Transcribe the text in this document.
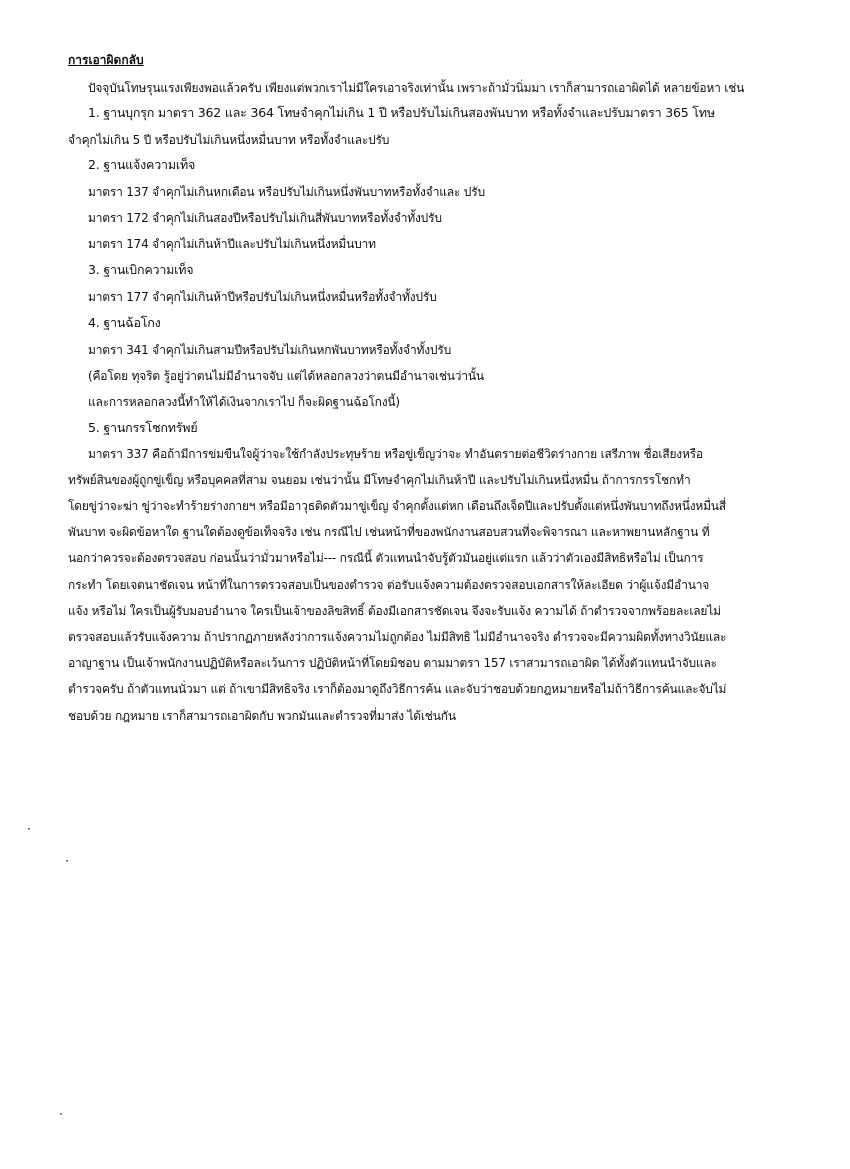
การเอาผิดกลับ
ปัจจุบันโทษรุนแรงเพียงพอแล้วครับ เพียงแต่พวกเราไม่มีใครเอาจริงเท่านั้น เพราะถ้ามั่วนิ่มมา เราก็สามารถเอาผิดได้ หลายข้อหา เช่น
1. ฐานบุกรุก มาตรา 362 และ 364 โทษจำคุกไม่เกิน 1 ปี หรือปรับไม่เกินสองพันบาท หรือทั้งจำและปรับมาตรา 365 โทษ
จำคุกไม่เกิน 5 ปี หรือปรับไม่เกินหนึ่งหมื่นบาท หรือทั้งจำและปรับ
2. ฐานแจ้งความเท็จ
มาตรา 137 จำคุกไม่เกินหกเดือน หรือปรับไม่เกินหนึ่งพันบาทหรือทั้งจำและ ปรับ
มาตรา 172 จำคุกไม่เกินสองปีหรือปรับไม่เกินสี่พันบาทหรือทั้งจำทั้งปรับ
มาตรา 174 จำคุกไม่เกินห้าปีและปรับไม่เกินหนึ่งหมื่นบาท
3. ฐานเบิกความเท็จ
มาตรา 177 จำคุกไม่เกินห้าปีหรือปรับไม่เกินหนึ่งหมื่นหรือทั้งจำทั้งปรับ
4. ฐานฉ้อโกง
มาตรา 341 จำคุกไม่เกินสามปีหรือปรับไม่เกินหกพันบาทหรือทั้งจำทั้งปรับ
(คือโดย ทุจริต รู้อยู่ว่าตนไม่มีอำนาจจับ แต่ได้หลอกลวงว่าตนมีอำนาจเช่นว่านั้น
และการหลอกลวงนี้ทำให้ได้เงินจากเราไป ก็จะผิดฐานฉ้อโกงนี้)
5. ฐานกรรโชกทรัพย์
มาตรา 337 คือถ้ามีการข่มขืนใจผู้ว่าจะใช้กำลังประทุษร้าย หรือขู่เข็ญว่าจะ ทำอันตรายต่อชีวิตร่างกาย เสรีภาพ ชื่อเสียงหรือ
ทรัพย์สินของผู้ถูกขู่เข็ญ หรือบุคคลที่สาม จนยอม เช่นว่านั้น มีโทษจำคุกไม่เกินห้าปี และปรับไม่เกินหนึ่งหมื่น ถ้าการกรรโชกทำ
โดยขู่ว่าจะฆ่า ขู่ว่าจะทำร้ายร่างกายฯ หรือมีอาวุธติดตัวมาขู่เข็ญ จำคุกตั้งแต่หก เดือนถึงเจ็ดปีและปรับตั้งแต่หนึ่งพันบาทถึงหนึ่งหมื่นสี่
พันบาท จะผิดข้อหาใด ฐานใดต้องดูข้อเท็จจริง เช่น กรณีไป เช่นหน้าที่ของพนักงานสอบสวนที่จะพิจารณา และหาพยานหลักฐาน ที่
นอกว่าควรจะต้องตรวจสอบ ก่อนนั้นว่ามั่วมาหรือไม่--- กรณีนี้ ตัวแทนนำจับรู้ตัวมันอยู่แต่แรก แล้วว่าตัวเองมีสิทธิหรือไม่ เป็นการ
กระทำ โดยเจตนาชัดเจน หน้าที่ในการตรวจสอบเป็นของตำรวจ ต่อรับแจ้งความต้องตรวจสอบเอกสารให้ละเอียด ว่าผู้แจ้งมีอำนาจ
แจ้ง หรือไม่ ใครเป็นผู้รับมอบอำนาจ ใครเป็นเจ้าของลิขสิทธิ์ ต้องมีเอกสารชัดเจน จึงจะรับแจ้ง ความได้ ถ้าตำรวจจากพร้อยละเลยไม่
ตรวจสอบแล้วรับแจ้งความ ถ้าปรากฏภายหลังว่าการแจ้งความไม่ถูกต้อง ไม่มีสิทธิ ไม่มีอำนาจจริง ตำรวจจะมีความผิดทั้งทางวินัยและ
อาญาฐาน เป็นเจ้าพนักงานปฏิบัติหรือละเว้นการ ปฏิบัติหน้าที่โดยมิชอบ ตามมาตรา 157 เราสามารถเอาผิด ได้ทั้งตัวแทนนำจับและ
ตำรวจครับ ถ้าตัวแทนนั่วมา แต่ ถ้าเขามีสิทธิจริง เราก็ต้องมาดูถึงวิธีการค้น และจับว่าชอบด้วยกฎหมายหรือไม่ถ้าวิธีการค้นและจับไม่
ชอบด้วย กฎหมาย เราก็สามารถเอาผิดกับ พวกมันและตำรวจที่มาส่ง ได้เช่นกัน
